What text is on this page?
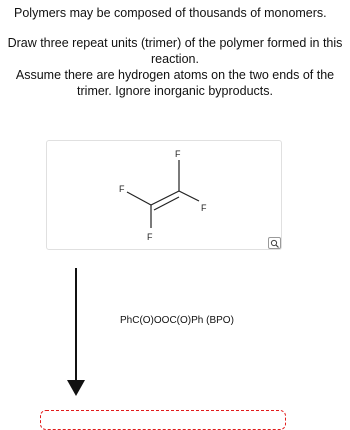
Polymers may be composed of thousands of monomers.

Draw three repeat units (trimer) of the polymer formed in this

reaction.

Assume there are hydrogen atoms on the two ends of the

trimer. Ignore inorganic byproducts.

F
F
F
F
PhC(O)OOC(O)Ph (BPO)
